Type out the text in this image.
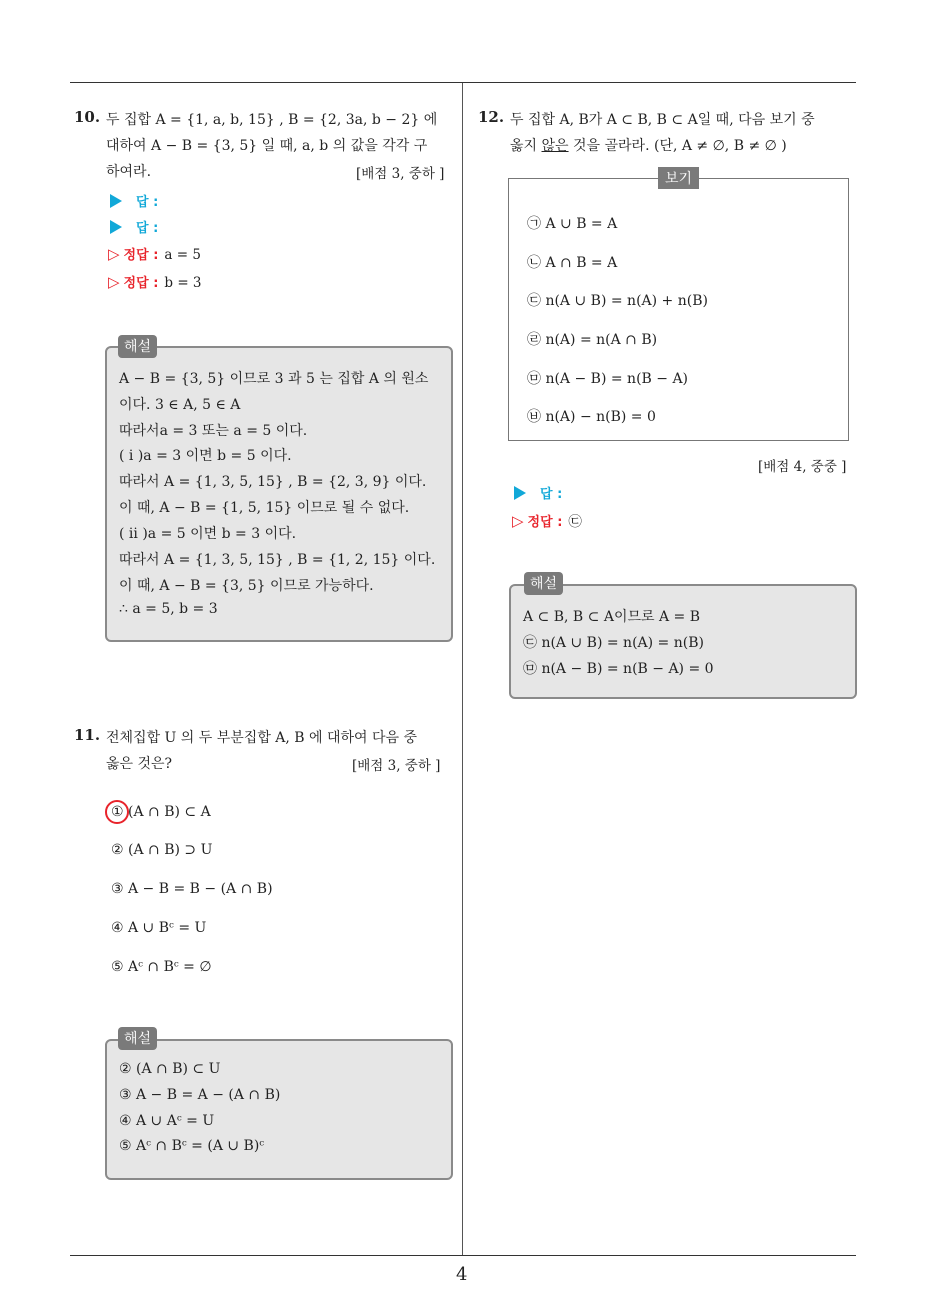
4
10. 두 집합 A = {1, a, b, 15} , B = {2, 3a, b − 2} 에
대하여 A − B = {3, 5} 일 때, a, b 의 값을 각각 구
하여라.	[배점 3, 중하 ]
답 :
답 :
▷ 정답 : a = 5
▷ 정답 : b = 3
A − B = {3, 5} 이므로 3 과 5 는 집합 A 의 원소
이다. 3 ∈ A, 5 ∈ A
따라서a = 3 또는 a = 5 이다.
( i )a = 3 이면 b = 5 이다.
따라서 A = {1, 3, 5, 15} , B = {2, 3, 9} 이다.
이 때, A − B = {1, 5, 15} 이므로 될 수 없다.
( ii )a = 5 이면 b = 3 이다.
따라서 A = {1, 3, 5, 15} , B = {1, 2, 15} 이다.
이 때, A − B = {3, 5} 이므로 가능하다.
∴ a = 5, b = 3
해설
11. 전체집합 U 의 두 부분집합 A, B 에 대하여 다음 중
옳은 것은?	[배점 3, 중하 ]
① (A ∩ B) ⊂ A
② (A ∩ B) ⊃ U
③ A − B = B − (A ∩ B)
④ A ∪ Bᶜ = U
⑤ Aᶜ ∩ Bᶜ = ∅
② (A ∩ B) ⊂ U
③ A − B = A − (A ∩ B)
④ A ∪ Aᶜ = U
⑤ Aᶜ ∩ Bᶜ = (A ∪ B)ᶜ
해설
12. 두 집합 A, B가 A ⊂ B, B ⊂ A일 때, 다음 보기 중
옳지 않은 것을 골라라. (단, A ≠ ∅, B ≠ ∅ )
㉠ A ∪ B = A
㉡ A ∩ B = A
㉢ n(A ∪ B) = n(A) + n(B)
㉣ n(A) = n(A ∩ B)
㉤ n(A − B) = n(B − A)
㉥ n(A) − n(B) = 0
보기
[배점 4, 중중 ]
답 :
▷ 정답 : ㉢
A ⊂ B, B ⊂ A이므로 A = B
㉢ n(A ∪ B) = n(A) = n(B)
㉤ n(A − B) = n(B − A) = 0
해설
